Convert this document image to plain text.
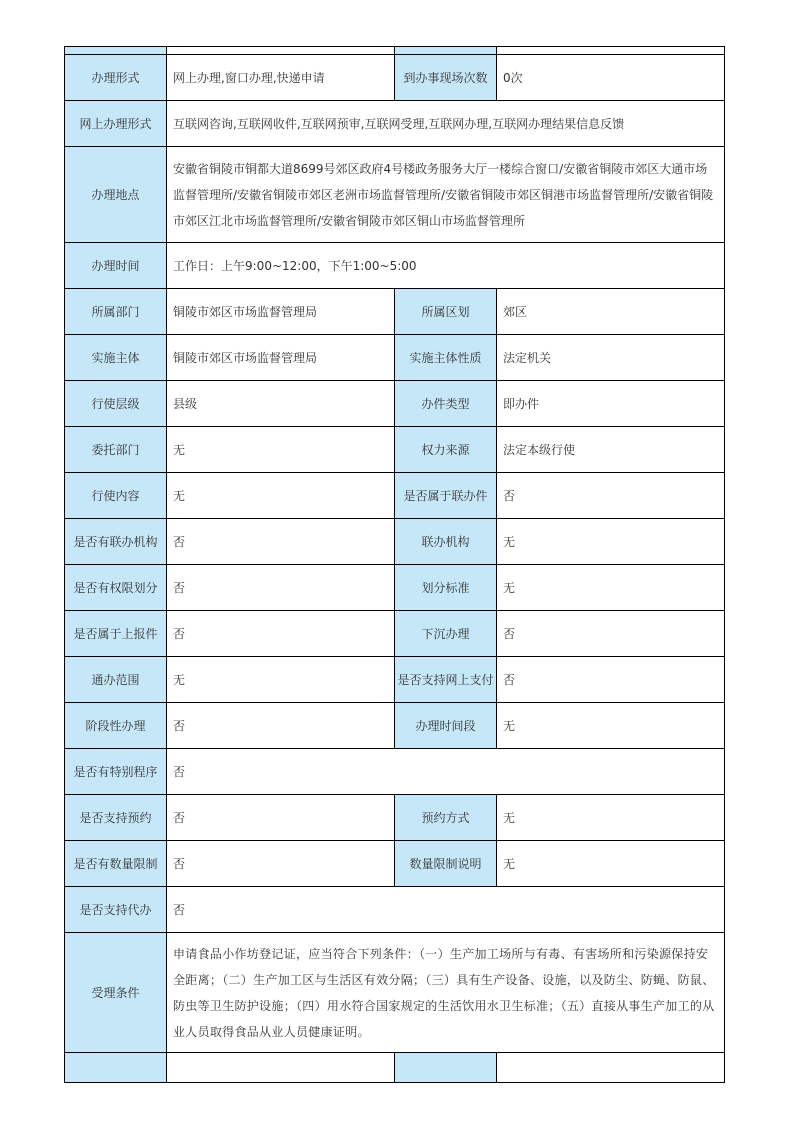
办理形式	网上办理,窗口办理,快递申请	到办事现场次数	0次
网上办理形式	互联网咨询,互联网收件,互联网预审,互联网受理,互联网办理,互联网办理结果信息反馈		
办理地点	安徽省铜陵市铜都大道8699号郊区政府4号楼政务服务大厅一楼综合窗口/安徽省铜陵市郊区大通市场监督管理所/安徽省铜陵市郊区老洲市场监督管理所/安徽省铜陵市郊区铜港市场监督管理所/安徽省铜陵市郊区江北市场监督管理所/安徽省铜陵市郊区铜山市场监督管理所		
办理时间	工作日：上午9:00~12:00，下午1:00~5:00		
所属部门	铜陵市郊区市场监督管理局	所属区划	郊区
实施主体	铜陵市郊区市场监督管理局	实施主体性质	法定机关
行使层级	县级	办件类型	即办件
委托部门	无	权力来源	法定本级行使
行使内容	无	是否属于联办件	否
是否有联办机构	否	联办机构	无
是否有权限划分	否	划分标准	无
是否属于上报件	否	下沉办理	否
通办范围	无	是否支持网上支付	否
阶段性办理	否	办理时间段	无
是否有特别程序	否		
是否支持预约	否	预约方式	无
是否有数量限制	否	数量限制说明	无
是否支持代办	否		
受理条件	申请食品小作坊登记证，应当符合下列条件：（一）生产加工场所与有毒、有害场所和污染源保持安全距离；（二）生产加工区与生活区有效分隔；（三）具有生产设备、设施，以及防尘、防蝇、防鼠、防虫等卫生防护设施；（四）用水符合国家规定的生活饮用水卫生标准；（五）直接从事生产加工的从业人员取得食品从业人员健康证明。		
